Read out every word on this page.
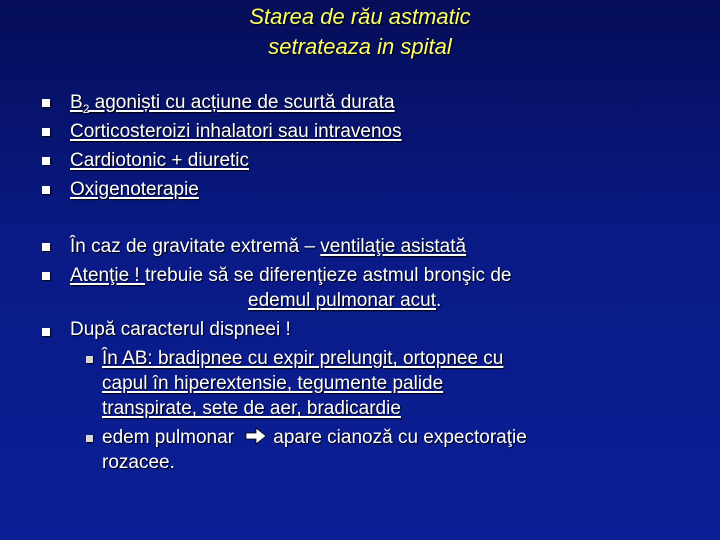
Starea de rău astmatic
setrateaza in spital
$B_2$ agoniști cu acțiune de scurtă durata
Corticosteroizi inhalatori sau intravenos
Cardiotonic + diuretic
Oxigenoterapie
În caz de gravitate extremă – ventilaţie asistată
Atenţie ! trebuie să se diferenţieze astmul bronşic de
edemul pulmonar acut.
După caracterul dispneei !
În AB: bradipnee cu expir prelungit, ortopnee cu
capul în hiperextensie, tegumente palide
transpirate, sete de aer, bradicardie
edem pulmonar apare cianoză cu expectoraţie
rozacee.
